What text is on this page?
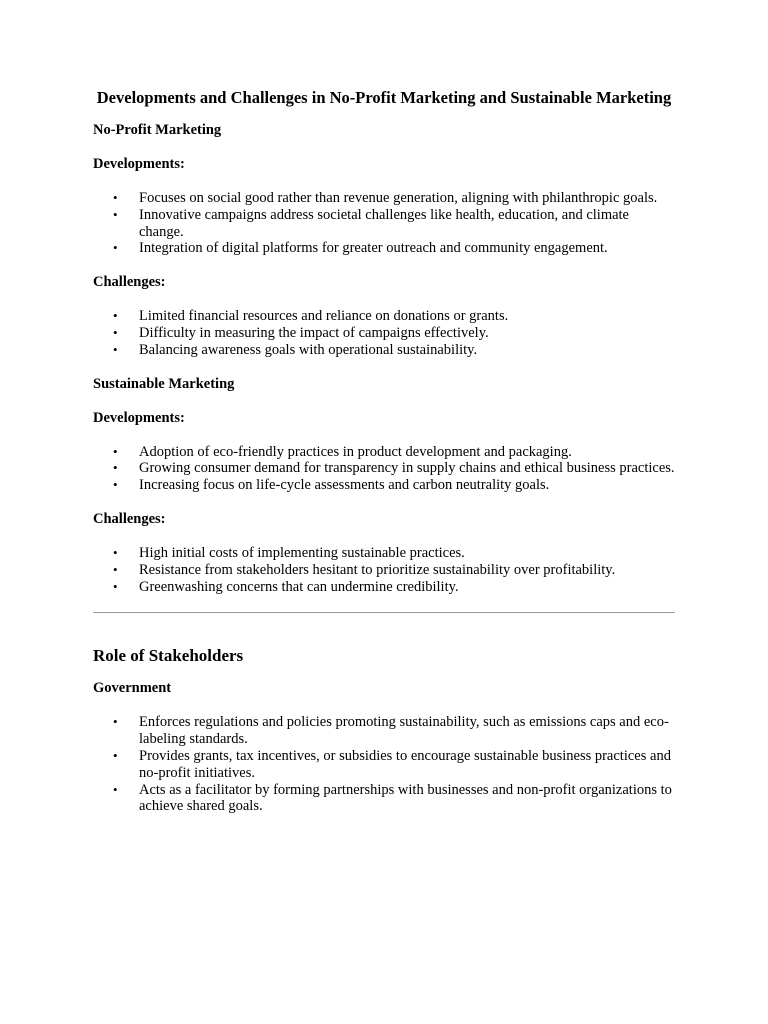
Developments and Challenges in No-Profit Marketing and Sustainable Marketing
No-Profit Marketing
Developments:
• Focuses on social good rather than revenue generation, aligning with philanthropic goals.
• Innovative campaigns address societal challenges like health, education, and climate change.
• Integration of digital platforms for greater outreach and community engagement.
Challenges:
• Limited financial resources and reliance on donations or grants.
• Difficulty in measuring the impact of campaigns effectively.
• Balancing awareness goals with operational sustainability.
Sustainable Marketing
Developments:
• Adoption of eco-friendly practices in product development and packaging.
• Growing consumer demand for transparency in supply chains and ethical business practices.
• Increasing focus on life-cycle assessments and carbon neutrality goals.
Challenges:
• High initial costs of implementing sustainable practices.
• Resistance from stakeholders hesitant to prioritize sustainability over profitability.
• Greenwashing concerns that can undermine credibility.
Role of Stakeholders
Government
• Enforces regulations and policies promoting sustainability, such as emissions caps and eco-labeling standards.
• Provides grants, tax incentives, or subsidies to encourage sustainable business practices and no-profit initiatives.
• Acts as a facilitator by forming partnerships with businesses and non-profit organizations to achieve shared goals.
